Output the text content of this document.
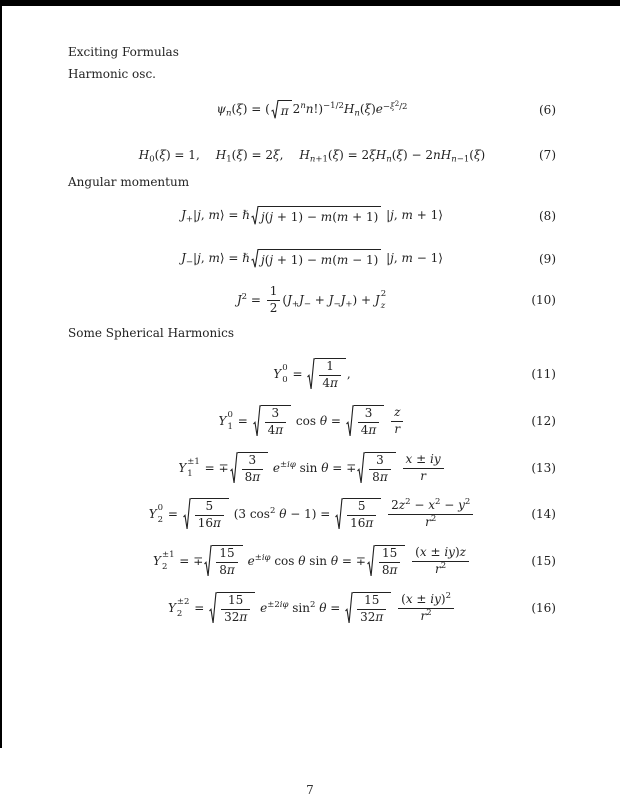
Exciting Formulas
Harmonic osc.
$\psi_n(\xi)$ = ( π $2^nn!)^{-1/2}H_n(\xi)e^{-\xi^2/2}$	(6)
$H_0(\xi) = 1$, $H_1(\xi) = 2\xi$, $H_{n+1}(\xi) = 2\xi H_n(\xi) - 2nH_{n-1}(\xi)$	(7)
Angular momentum
$J_+|j$, m⟩ = ℏ j(j + 1) − m(m + 1) |j, m + 1⟩	(8)
$J_-|j$, m⟩ = ℏ j(j + 1) − m(m − 1) |j, m − 1⟩	(9)
$J^2 = \frac{1}{2} (J_+J_- + J_-J_+) + J$ 2
z	(10)
Some Spherical Harmonics
Y 0
$0 = \frac{1}{4\pi}$ ,	(11)
Y 0
$1 = \frac{3}{4\pi}$ $\cos \theta = \frac{3}{4\pi}$
$\frac{z}{r}$	(12)
Y ±1
1 = ∓ $\frac{3}{8\pi} e^{\pm i\varphi}$ sin θ = ∓ $\frac{3}{8\pi}$
$\frac{x \pm iy}{r}$	(13)
Y 0
$2 = \frac{5}{16\pi} (3$ $\cos^2 \theta - 1) = \frac{5}{16\pi}$
$\frac{2z^2 - x^2 - y^2}{r^2}$	(14)
Y ±1
2 = ∓ $\frac{15}{8\pi} e^{\pm i\varphi}$ cos θ sin θ = ∓ $\frac{15}{8\pi}$
$\frac{(x \pm iy)z}{r^2}$	(15)
Y ±2
$2 = \frac{15}{32\pi} e^{\pm 2i\varphi}$ $\sin^2 \theta = \frac{15}{32\pi}$
$\frac{(x \pm iy)^2}{r^2}$	(16)
7
